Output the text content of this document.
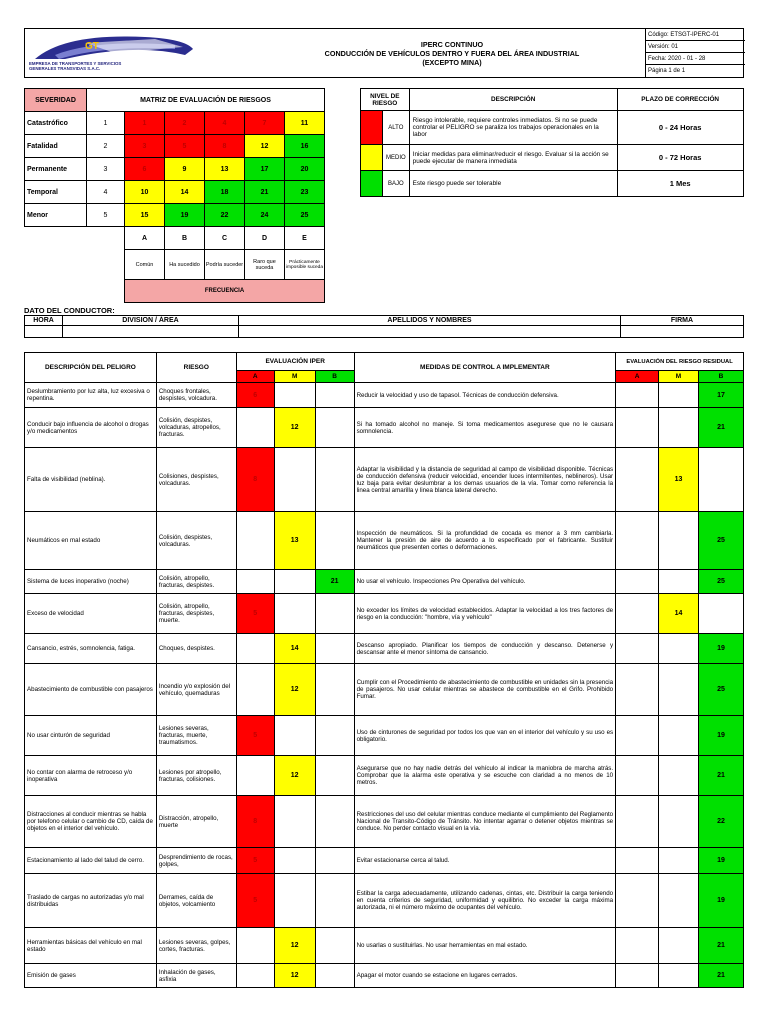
GT
EMPRESA DE TRANSPORTES Y SERVICIOS GENERALES TRANSVIDAS S.A.C.
IPERC CONTINUO
CONDUCCIÓN DE VEHÍCULOS DENTRO Y FUERA DEL ÁREA INDUSTRIAL
(EXCEPTO MINA)
Código: ETSGT-IPERC-01
Versión: 01
Fecha: 2020 - 01 - 28
Página 1 de 1
SEVERIDAD	MATRIZ DE EVALUACIÓN DE RIESGOS					
Catastrófico	1	1	2	4	7	11
Fatalidad	2	3	5	8	12	16
Permanente	3	6	9	13	17	20
Temporal	4	10	14	18	21	23
Menor	5	15	19	22	24	25
		A	B	C	D	E
		Común	Ha sucedido	Podría suceder	Raro que suceda	Prácticamente imposible suceda
		FRECUENCIA				
NIVEL DE RIESGO		DESCRIPCIÓN	PLAZO DE CORRECCIÓN
	ALTO	Riesgo intolerable, requiere controles inmediatos. Si no se puede controlar el PELIGRO se paraliza los trabajos operacionales en la labor	0 - 24 Horas
	MEDIO	Iniciar medidas para eliminar/reducir el riesgo. Evaluar si la acción se puede ejecutar de manera inmediata	0 - 72 Horas
	BAJO	Este riesgo puede ser tolerable	1 Mes
DATO DEL CONDUCTOR:
HORA	DIVISION / ÁREA	APELLIDOS Y NOMBRES	FIRMA

DESCRIPCIÓN DEL PELIGRO	RIESGO	EVALUACIÓN IPER			MEDIDAS DE CONTROL A IMPLEMENTAR	EVALUACIÓN DEL RIESGO RESIDUAL		
		A	M	B		A	M	B
Deslumbramiento por luz alta, luz excesiva o repentina.	Choques frontales, despistes, volcadura.	6			Reducir la velocidad y uso de tapasol. Técnicas de conducción defensiva.			17
Conducir bajo influencia de alcohol o drogas y/o medicamentos	Colisión, despistes, volcaduras, atropellos, fracturas.		12		Si ha tomado alcohol no maneje. Si toma medicamentos asegurese que no le causara somnolencia.			21
Falta de visibilidad (neblina).	Colisiones, despistes, volcaduras.	8			Adaptar la visibilidad y la distancia de seguridad al campo de visibilidad disponible. Técnicas de conducción defensiva (reducir velocidad, encender luces intermitentes, neblineros). Usar luz baja para evitar deslumbrar a los demas usuarios de la vía. Tomar como referencia la linea central amarilla y linea blanca lateral derecho.		13	
Neumáticos en mal estado	Colisión, despistes, volcaduras.		13		Inspección de neumáticos. Si la profundidad de cocada es menor a 3 mm cambiarla. Mantener la presión de aire de acuerdo a lo especificado por el fabricante. Sustituir neumáticos que presenten cortes o deformaciones.			25
Sistema de luces inoperativo (noche)	Colisión, atropello, fracturas, despistes.			21	No usar el vehículo. Inspecciones Pre Operativa del vehículo.			25
Exceso de velocidad	Colisión, atropello, fracturas, despistes, muerte.	5			No exceder los límites de velocidad establecidos. Adaptar la velocidad a los tres factores de riesgo en la conducción: "hombre, vía y vehículo"		14	
Cansancio, estrés, somnolencia, fatiga.	Choques, despistes.		14		Descanso apropiado. Planificar los tiempos de conducción y descanso. Detenerse y descansar ante el menor síntoma de cansancio.			19
Abastecimiento de combustible con pasajeros	Incendio y/o explosión del vehículo, quemaduras		12		Cumplir con el Procedimiento de abastecimiento de combustible en unidades sin la presencia de pasajeros. No usar celular mientras se abastece de combustible en el Grifo. Prohibido Fumar.			25
No usar cinturón de seguridad	Lesiones severas, fracturas, muerte, traumatismos.	5			Uso de cinturones de seguridad por todos los que van en el interior del vehículo y su uso es obligatorio.			19
No contar con alarma de retroceso y/o inoperativa	Lesiones por atropello, fracturas, colisiones.		12		Asegurarse que no hay nadie detrás del vehículo al indicar la maniobra de marcha atrás. Comprobar que la alarma este operativa y se escuche con claridad a no menos de 10 metros.			21
Distracciones al conducir mientras se habla por telefono celular o cambio de CD, caída de objetos en el interior del vehículo.	Distracción, atropello, muerte	8			Restricciones del uso del celular mientras conduce mediante el cumplimiento del Reglamento Nacional de Transito-Código de Tránsito. No intentar agarrar o detener objetos mientras se conduce. No perder contacto visual en la vía.			22
Estacionamiento al lado del talud de cerro.	Desprendimiento de rocas, golpes,	5			Evitar estacionarse cerca al talud.			19
Traslado de cargas no autorizadas y/o mal distribuidas	Derrames, caída de objetos, volcamiento	5			Estibar la carga adecuadamente, utilizando cadenas, cintas, etc. Distribuir la carga teniendo en cuenta criterios de seguridad, uniformidad y equilibrio. No exceder la carga máxima autorizada, ni el número máximo de ocupantes del vehículo.			19
Herramientas básicas del vehículo en mal estado	Lesiones severas, golpes, cortes, fracturas.		12		No usarlas o sustituirlas. No usar herramientas en mal estado.			21
Emisión de gases	Inhalación de gases, asfixia		12		Apagar el motor cuando se estacione en lugares cerrados.			21
